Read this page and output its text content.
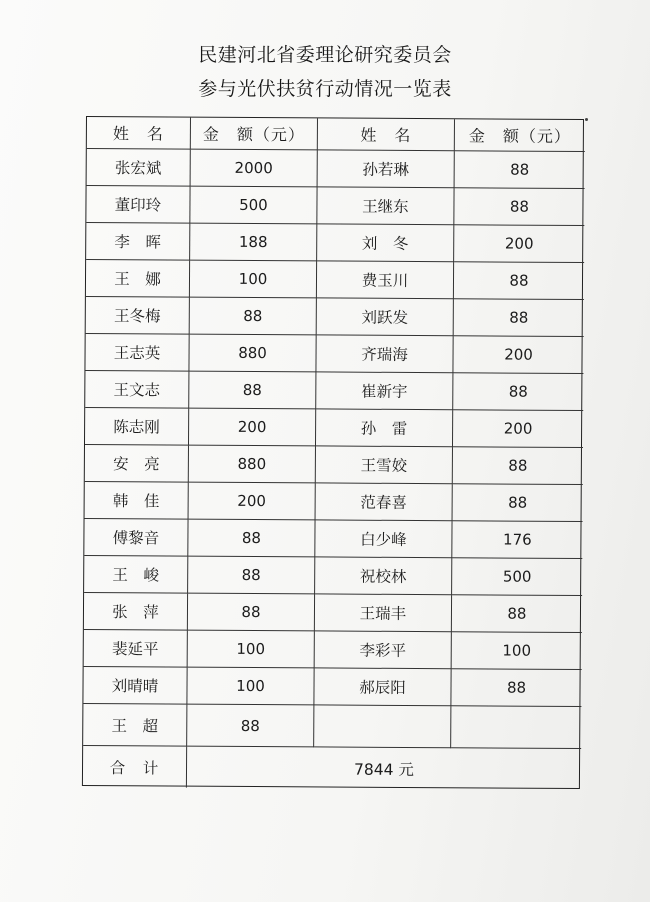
民建河北省委理论研究委员会
参与光伏扶贫行动情况一览表
姓　名	金　额（元）	姓　名	金　额（元）
张宏斌	2000	孙若琳	88
董印玲	500	王继东	88
李　晖	188	刘　冬	200
王　娜	100	费玉川	88
王冬梅	88	刘跃发	88
王志英	880	齐瑞海	200
王文志	88	崔新宇	88
陈志刚	200	孙　雷	200
安　亮	880	王雪姣	88
韩　佳	200	范春喜	88
傅黎音	88	白少峰	176
王　峻	88	祝校林	500
张　萍	88	王瑞丰	88
裴延平	100	李彩平	100
刘晴晴	100	郝辰阳	88
王　超	88
合　计	7844 元
